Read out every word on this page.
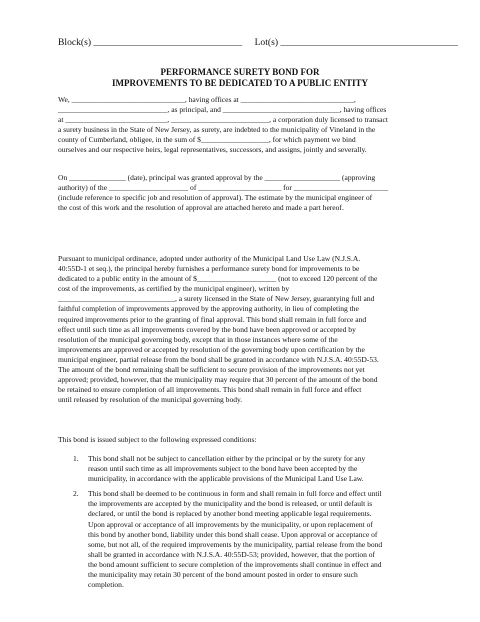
Block(s) _______________________________ Lot(s) _____________________________________
PERFORMANCE SURETY BOND FOR
IMPROVEMENTS TO BE DEDICATED TO A PUBLIC ENTITY
We, ______________________________, having offices at ______________________________,
_____________________________, as principal, and _______________________________, having offices
at ___________________________, __________________________, a corporation duly licensed to transact
a surety business in the State of New Jersey, as surety, are indebted to the municipality of Vineland in the
county of Cumberland, obligee, in the sum of $__________________, for which payment we bind
ourselves and our respective heirs, legal representatives, successors, and assigns, jointly and severally.
On _______________ (date), principal was granted approval by the ____________________ (approving
authority) of the _____________________ of ______________________ for _________________________
(include reference to specific job and resolution of approval). The estimate by the municipal engineer of
the cost of this work and the resolution of approval are attached hereto and made a part hereof.
Pursuant to municipal ordinance, adopted under authority of the Municipal Land Use Law (N.J.S.A.
40:55D-1 et seq.), the principal hereby furnishes a performance surety bond for improvements to be
dedicated to a public entity in the amount of $_____________________ (not to exceed 120 percent of the
cost of the improvements, as certified by the municipal engineer), written by
_______________________________, a surety licensed in the State of New Jersey, guarantying full and
faithful completion of improvements approved by the approving authority, in lieu of completing the
required improvements prior to the granting of final approval. This bond shall remain in full force and
effect until such time as all improvements covered by the bond have been approved or accepted by
resolution of the municipal governing body, except that in those instances where some of the
improvements are approved or accepted by resolution of the governing body upon certification by the
municipal engineer, partial release from the bond shall be granted in accordance with N.J.S.A. 40:55D-53.
The amount of the bond remaining shall be sufficient to secure provision of the improvements not yet
approved; provided, however, that the municipality may require that 30 percent of the amount of the bond
be retained to ensure completion of all improvements. This bond shall remain in full force and effect
until released by resolution of the municipal governing body.
This bond is issued subject to the following expressed conditions:
1. This bond shall not be subject to cancellation either by the principal or by the surety for any
reason until such time as all improvements subject to the bond have been accepted by the
municipality, in accordance with the applicable provisions of the Municipal Land Use Law.
2. This bond shall be deemed to be continuous in form and shall remain in full force and effect until
the improvements are accepted by the municipality and the bond is released, or until default is
declared, or until the bond is replaced by another bond meeting applicable legal requirements.
Upon approval or acceptance of all improvements by the municipality, or upon replacement of
this bond by another bond, liability under this bond shall cease. Upon approval or acceptance of
some, but not all, of the required improvements by the municipality, partial release from the bond
shall be granted in accordance with N.J.S.A. 40:55D-53; provided, however, that the portion of
the bond amount sufficient to secure completion of the improvements shall continue in effect and
the municipality may retain 30 percent of the bond amount posted in order to ensure such
completion.
